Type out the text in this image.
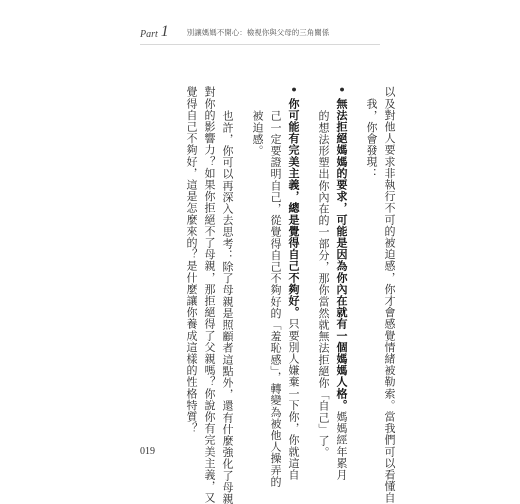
Part 1 別讓媽媽不開心：檢視你與父母的三角關係
以及對他人要求非執行不可的被迫感，你才會感覺情緒被勒索。當我們可以看懂自
我，你會發現：
•無法拒絕媽媽的要求，可能是因為你內在就有一個媽媽人格。媽媽經年累月
的想法形塑出你內在的一部分，那你當然就無法拒絕你「自己」了。
•你可能有完美主義，總是覺得自己不夠好。只要別人嫌棄一下你，你就這自
己一定要證明自己，從覺得自己不夠好的「羞恥感」，轉變為被他人操弄的
被迫感。
也許，你可以再深入去思考：除了母親是照顧者這點外，還有什麼強化了母親
對你的影響力？如果你拒絕不了母親，那拒絕得了父親嗎？你說你有完美主義，又
覺得自己不夠好，這是怎麼來的？是什麼讓你養成這樣的性格特質？
019
